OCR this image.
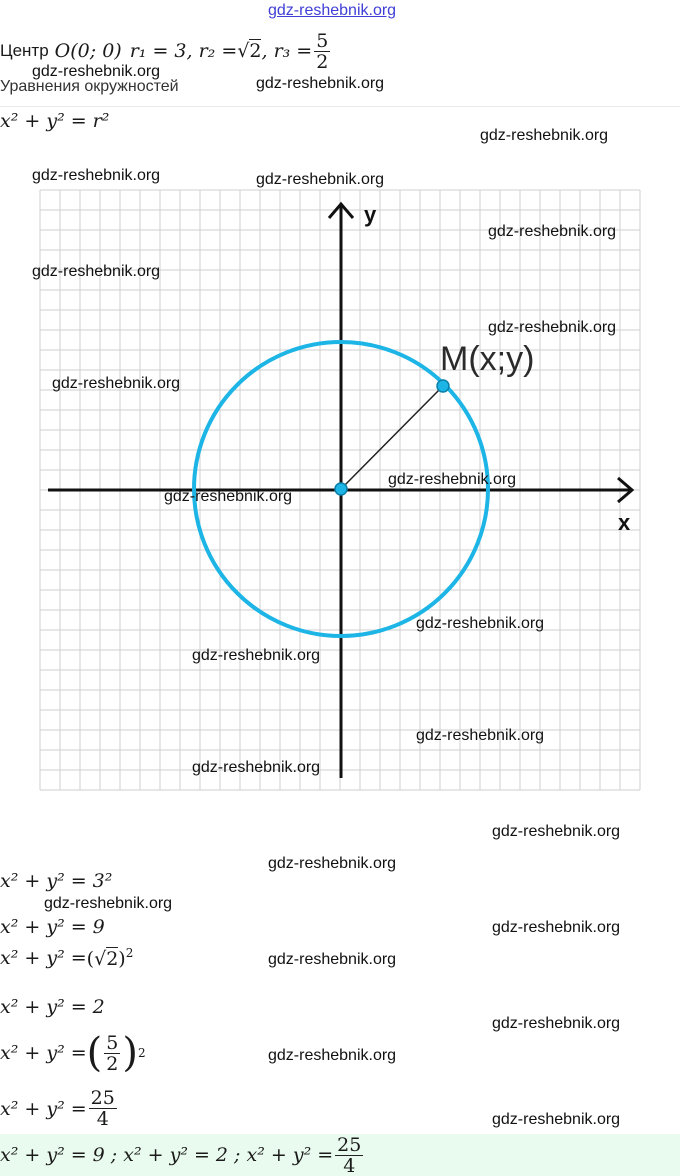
gdz-reshebnik.org
Центр O(0; 0) r₁ = 3 , r₂ = √2 , $r_3 = \frac{5}{2}$
Уравнения окружностей
x² + y² = r²
M(x;y)
x
y
x² + y² = 3²
x² + y² = 9
$x^2 + y^2 = (√2)^2$
x² + y² = 2
x² + y² = ( $\frac{5}{2}$ ) 2
$x^2 + y^2 = \frac{25}{4}$
x² + y² = 9 ; x² + y² = 2 ; $x^2 + y^2 = \frac{25}{4}$
gdz-reshebnik.org
gdz-reshebnik.org
gdz-reshebnik.org
gdz-reshebnik.org	gdz-reshebnik.org
gdz-reshebnik.org
gdz-reshebnik.org
gdz-reshebnik.org
gdz-reshebnik.org
gdz-reshebnik.org
gdz-reshebnik.org
gdz-reshebnik.org
gdz-reshebnik.org
gdz-reshebnik.org
gdz-reshebnik.org
gdz-reshebnik.org
gdz-reshebnik.org
gdz-reshebnik.org
gdz-reshebnik.org
gdz-reshebnik.org
gdz-reshebnik.org
gdz-reshebnik.org
gdz-reshebnik.org
